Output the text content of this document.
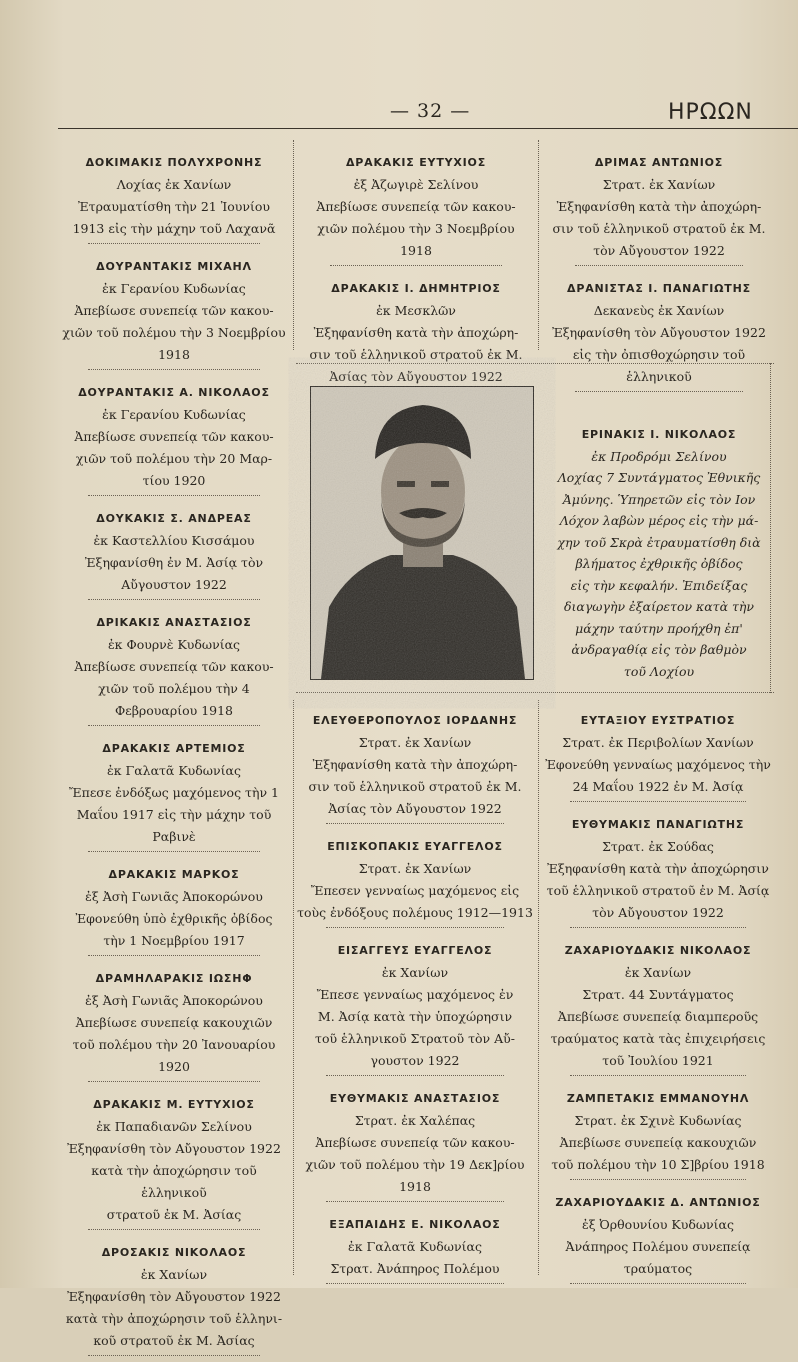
— 32 —	ΗΡΩΩΝ
ΔΟΚΙΜΑΚΙΣ ΠΟΛΥΧΡΟΝΗΣ
Λοχίας ἐκ Χανίων
Ἐτραυματίσθη τὴν 21 Ἰουνίου
1913 εἰς τὴν μάχην τοῦ Λαχανᾶ
ΔΟΥΡΑΝΤΑΚΙΣ ΜΙΧΑΗΛ
ἐκ Γερανίου Κυδωνίας
Ἀπεβίωσε συνεπείᾳ τῶν κακου-
χιῶν τοῦ πολέμου τὴν 3 Νοεμβρίου 1918
ΔΟΥΡΑΝΤΑΚΙΣ Α. ΝΙΚΟΛΑΟΣ
ἐκ Γερανίου Κυδωνίας
Ἀπεβίωσε συνεπείᾳ τῶν κακου-
χιῶν τοῦ πολέμου τὴν 20 Μαρ-
τίου 1920
ΔΟΥΚΑΚΙΣ Σ. ΑΝΔΡΕΑΣ
ἐκ Καστελλίου Κισσάμου
Ἐξηφανίσθη ἐν Μ. Ἀσίᾳ τὸν
Αὔγουστον 1922
ΔΡΙΚΑΚΙΣ ΑΝΑΣΤΑΣΙΟΣ
ἐκ Φουρνὲ Κυδωνίας
Ἀπεβίωσε συνεπείᾳ τῶν κακου-
χιῶν τοῦ πολέμου τὴν 4
Φεβρουαρίου 1918
ΔΡΑΚΑΚΙΣ ΑΡΤΕΜΙΟΣ
ἐκ Γαλατᾶ Κυδωνίας
Ἔπεσε ἐνδόξως μαχόμενος τὴν 1
Μαΐου 1917 εἰς τὴν μάχην τοῦ Ραβινὲ
ΔΡΑΚΑΚΙΣ ΜΑΡΚΟΣ
ἐξ Ἀσὴ Γωνιᾶς Ἀποκορώνου
Ἐφονεύθη ὑπὸ ἐχθρικῆς ὀβίδος
τὴν 1 Νοεμβρίου 1917
ΔΡΑΜΗΛΑΡΑΚΙΣ ΙΩΣΗΦ
ἐξ Ἀσὴ Γωνιᾶς Ἀποκορώνου
Ἀπεβίωσε συνεπείᾳ κακουχιῶν
τοῦ πολέμου τὴν 20 Ἰανουαρίου 1920
ΔΡΑΚΑΚΙΣ Μ. ΕΥΤΥΧΙΟΣ
ἐκ Παπαδιανῶν Σελίνου
Ἐξηφανίσθη τὸν Αὔγουστον 1922
κατὰ τὴν ἀποχώρησιν τοῦ ἑλληνικοῦ
στρατοῦ ἐκ Μ. Ἀσίας
ΔΡΟΣΑΚΙΣ ΝΙΚΟΛΑΟΣ
ἐκ Χανίων
Ἐξηφανίσθη τὸν Αὔγουστον 1922
κατὰ τὴν ἀποχώρησιν τοῦ ἑλληνι-
κοῦ στρατοῦ ἐκ Μ. Ἀσίας
ΔΡΑΚΑΚΙΣ ΕΥΤΥΧΙΟΣ
ἐξ Ἀζωγιρὲ Σελίνου
Ἀπεβίωσε συνεπείᾳ τῶν κακου-
χιῶν πολέμου τὴν 3 Νοεμβρίου 1918
ΔΡΑΚΑΚΙΣ Ι. ΔΗΜΗΤΡΙΟΣ
ἐκ Μεσκλῶν
Ἐξηφανίσθη κατὰ τὴν ἀποχώρη-
σιν τοῦ ἑλληνικοῦ στρατοῦ ἐκ Μ.
Ἀσίας τὸν Αὔγουστον 1922
ΔΡΙΜΑΣ ΑΝΤΩΝΙΟΣ
Στρατ. ἐκ Χανίων
Ἐξηφανίσθη κατὰ τὴν ἀποχώρη-
σιν τοῦ ἑλληνικοῦ στρατοῦ ἐκ Μ.
τὸν Αὔγουστον 1922
ΔΡΑΝΙΣΤΑΣ Ι. ΠΑΝΑΓΙΩΤΗΣ
Δεκανεὺς ἐκ Χανίων
Ἐξηφανίσθη τὸν Αὔγουστον 1922
εἰς τὴν ὀπισθοχώρησιν τοῦ ἑλληνικοῦ
ΕΡΙΝΑΚΙΣ Ι. ΝΙΚΟΛΑΟΣ
ἐκ Προδρόμι Σελίνου
Λοχίας 7 Συντάγματος Ἐθνικῆς
Ἀμύνης. Ὑπηρετῶν εἰς τὸν Ιον
Λόχον λαβὼν μέρος εἰς τὴν μά-
χην τοῦ Σκρὰ ἐτραυματίσθη διὰ
βλήματος ἐχθρικῆς ὀβίδος
εἰς τὴν κεφαλήν. Ἐπιδείξας
διαγωγὴν ἐξαίρετον κατὰ τὴν
μάχην ταύτην προήχθη ἐπ'
ἀνδραγαθίᾳ εἰς τὸν βαθμὸν
τοῦ Λοχίου
ΕΛΕΥΘΕΡΟΠΟΥΛΟΣ ΙΟΡΔΑΝΗΣ
Στρατ. ἐκ Χανίων
Ἐξηφανίσθη κατὰ τὴν ἀποχώρη-
σιν τοῦ ἑλληνικοῦ στρατοῦ ἐκ Μ.
Ἀσίας τὸν Αὔγουστον 1922
ΕΠΙΣΚΟΠΑΚΙΣ ΕΥΑΓΓΕΛΟΣ
Στρατ. ἐκ Χανίων
Ἔπεσεν γενναίως μαχόμενος εἰς
τοὺς ἐνδόξους πολέμους 1912—1913
ΕΙΣΑΓΓΕΥΣ ΕΥΑΓΓΕΛΟΣ
ἐκ Χανίων
Ἔπεσε γενναίως μαχόμενος ἐν
Μ. Ἀσίᾳ κατὰ τὴν ὑποχώρησιν
τοῦ ἑλληνικοῦ Στρατοῦ τὸν Αὔ-
γουστον 1922
ΕΥΘΥΜΑΚΙΣ ΑΝΑΣΤΑΣΙΟΣ
Στρατ. ἐκ Χαλέπας
Ἀπεβίωσε συνεπείᾳ τῶν κακου-
χιῶν τοῦ πολέμου τὴν 19 Δεκ]ρίου 1918
ΕΞΑΠΑΙΔΗΣ Ε. ΝΙΚΟΛΑΟΣ
ἐκ Γαλατᾶ Κυδωνίας
Στρατ. Ἀνάπηρος Πολέμου
ΕΥΤΑΞΙΟΥ ΕΥΣΤΡΑΤΙΟΣ
Στρατ. ἐκ Περιβολίων Χανίων
Ἐφονεύθη γενναίως μαχόμενος τὴν
24 Μαΐου 1922 ἐν Μ. Ἀσίᾳ
ΕΥΘΥΜΑΚΙΣ ΠΑΝΑΓΙΩΤΗΣ
Στρατ. ἐκ Σούδας
Ἐξηφανίσθη κατὰ τὴν ἀποχώρησιν
τοῦ ἑλληνικοῦ στρατοῦ ἐν Μ. Ἀσίᾳ
τὸν Αὔγουστον 1922
ΖΑΧΑΡΙΟΥΔΑΚΙΣ ΝΙΚΟΛΑΟΣ
ἐκ Χανίων
Στρατ. 44 Συντάγματος
Ἀπεβίωσε συνεπείᾳ διαμπεροῦς
τραύματος κατὰ τὰς ἐπιχειρήσεις
τοῦ Ἰουλίου 1921
ΖΑΜΠΕΤΑΚΙΣ ΕΜΜΑΝΟΥΗΛ
Στρατ. ἐκ Σχινὲ Κυδωνίας
Ἀπεβίωσε συνεπείᾳ κακουχιῶν
τοῦ πολέμου τὴν 10 Σ]βρίου 1918
ΖΑΧΑΡΙΟΥΔΑΚΙΣ Δ. ΑΝΤΩΝΙΟΣ
ἐξ Ὀρθουνίου Κυδωνίας
Ἀνάπηρος Πολέμου συνεπείᾳ τραύματος
